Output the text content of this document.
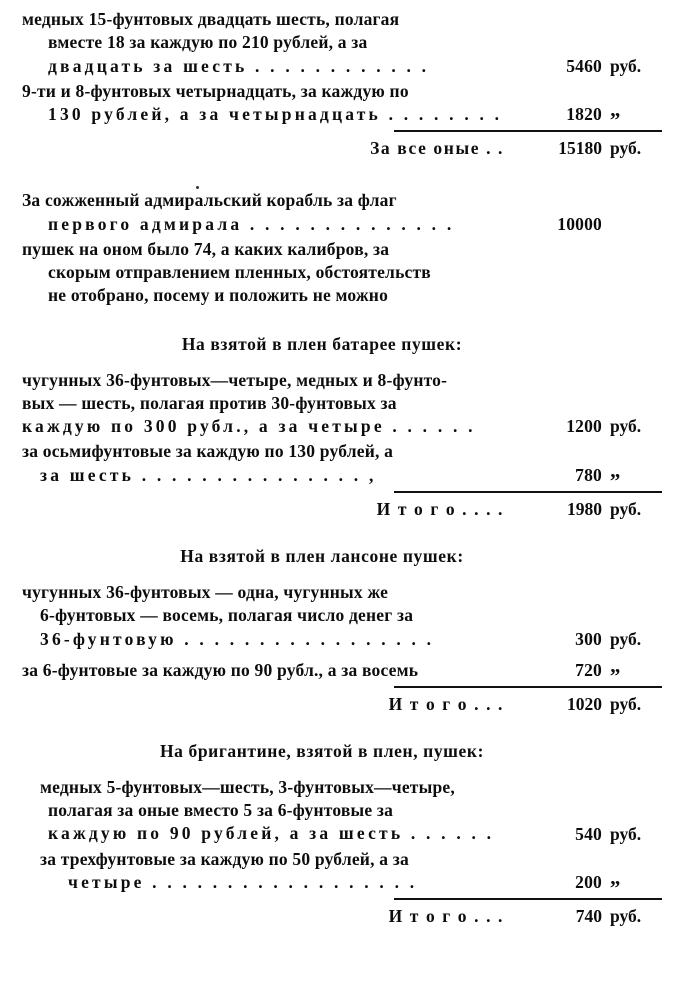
медных 15-фунтовых двадцать шесть, полагая
вместе 18 за каждую по 210 рублей, а за
двадцать за шесть . . . . . . . . . . . .	5460 руб.
9-ти и 8-фунтовых четырнадцать, за каждую по
130 рублей, а за четырнадцать . . . . . . . .	1820 „
За все оные . .	15180 руб.
За сожженный адмиральский корабль за флаг
первого адмирала . . . . . . . . . . . . . .	10000
пушек на оном было 74, а каких калибров, за
скорым отправлением пленных, обстоятельств
не отобрано, посему и положить не можно
На взятой в плен батарее пушек:
чугунных 36-фунтовых—четыре, медных и 8-фунто-
вых — шесть, полагая против 30-фунтовых за
каждую по 300 рубл., а за четыре . . . . . .	1200 руб.
за осьмифунтовые за каждую по 130 рублей, а
за шесть . . . . . . . . . . . . . . . ,	780 „
И т о г о . . . .	1980 руб.
На взятой в плен лансоне пушек:
чугунных 36-фунтовых — одна, чугунных же
6-фунтовых — восемь, полагая число денег за
36-фунтовую . . . . . . . . . . . . . . . . .	300 руб.
за 6-фунтовые за каждую по 90 рубл., а за восемь	720 „
И т о г о . . .	1020 руб.
На бригантине, взятой в плен, пушек:
медных 5-фунтовых—шесть, 3-фунтовых—четыре,
полагая за оные вместо 5 за 6-фунтовые за
каждую по 90 рублей, а за шесть . . . . . .	540 руб.
за трехфунтовые за каждую по 50 рублей, а за
четыре . . . . . . . . . . . . . . . . . .	200 „
И т о г о . . .	740 руб.
